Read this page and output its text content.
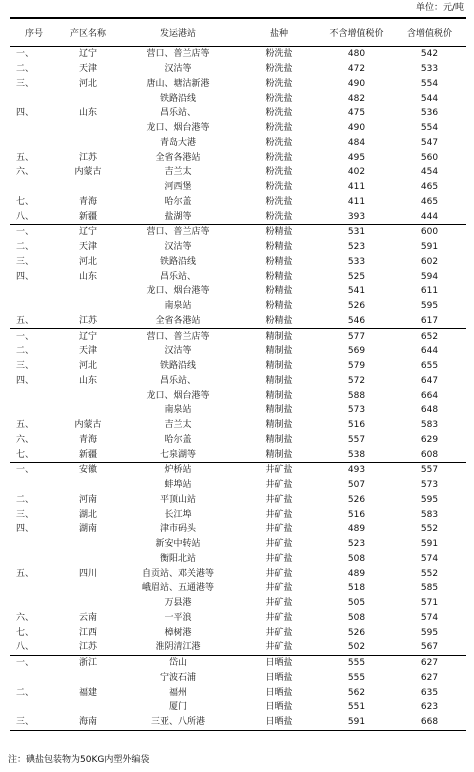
单位：元/吨
序号	产区名称	发运港站	盐种	不含增值税价	含增值税价
一、	辽宁	营口、普兰店等	粉洗盐	480	542
二、	天津	汉沽等	粉洗盐	472	533
三、	河北	唐山、塘沽新港	粉洗盐	490	554
		铁路沿线	粉洗盐	482	544
四、	山东	昌乐站、	粉洗盐	475	536
		龙口、烟台港等	粉洗盐	490	554
		青岛大港	粉洗盐	484	547
五、	江苏	全省各港站	粉洗盐	495	560
六、	内蒙古	吉兰太	粉洗盐	402	454
		河西堡	粉洗盐	411	465
七、	青海	哈尔盖	粉洗盐	411	465
八、	新疆	盐湖等	粉洗盐	393	444
一、	辽宁	营口、普兰店等	粉精盐	531	600
二、	天津	汉沽等	粉精盐	523	591
三、	河北	铁路沿线	粉精盐	533	602
四、	山东	昌乐站、	粉精盐	525	594
		龙口、烟台港等	粉精盐	541	611
		南泉站	粉精盐	526	595
五、	江苏	全省各港站	粉精盐	546	617
一、	辽宁	营口、普兰店等	精制盐	577	652
二、	天津	汉沽等	精制盐	569	644
三、	河北	铁路沿线	精制盐	579	655
四、	山东	昌乐站、	精制盐	572	647
		龙口、烟台港等	精制盐	588	664
		南泉站	精制盐	573	648
五、	内蒙古	吉兰太	精制盐	516	583
六、	青海	哈尔盖	精制盐	557	629
七、	新疆	七泉湖等	精制盐	538	608
一、	安徽	炉桥站	井矿盐	493	557
		蚌埠站	井矿盐	507	573
二、	河南	平顶山站	井矿盐	526	595
三、	湖北	长江埠	井矿盐	516	583
四、	湖南	津市码头	井矿盐	489	552
		新安中转站	井矿盐	523	591
		衡阳北站	井矿盐	508	574
五、	四川	自贡站、邓关港等	井矿盐	489	552
		峨眉站、五通港等	井矿盐	518	585
		万县港	井矿盐	505	571
六、	云南	一平浪	井矿盐	508	574
七、	江西	樟树港	井矿盐	526	595
八、	江苏	淮阴清江港	井矿盐	502	567
一、	浙江	岱山	日晒盐	555	627
		宁波石浦	日晒盐	555	627
二、	福建	福州	日晒盐	562	635
		厦门	日晒盐	551	623
三、	海南	三亚、八所港	日晒盐	591	668
注：碘盐包装物为50KG内塑外编袋
